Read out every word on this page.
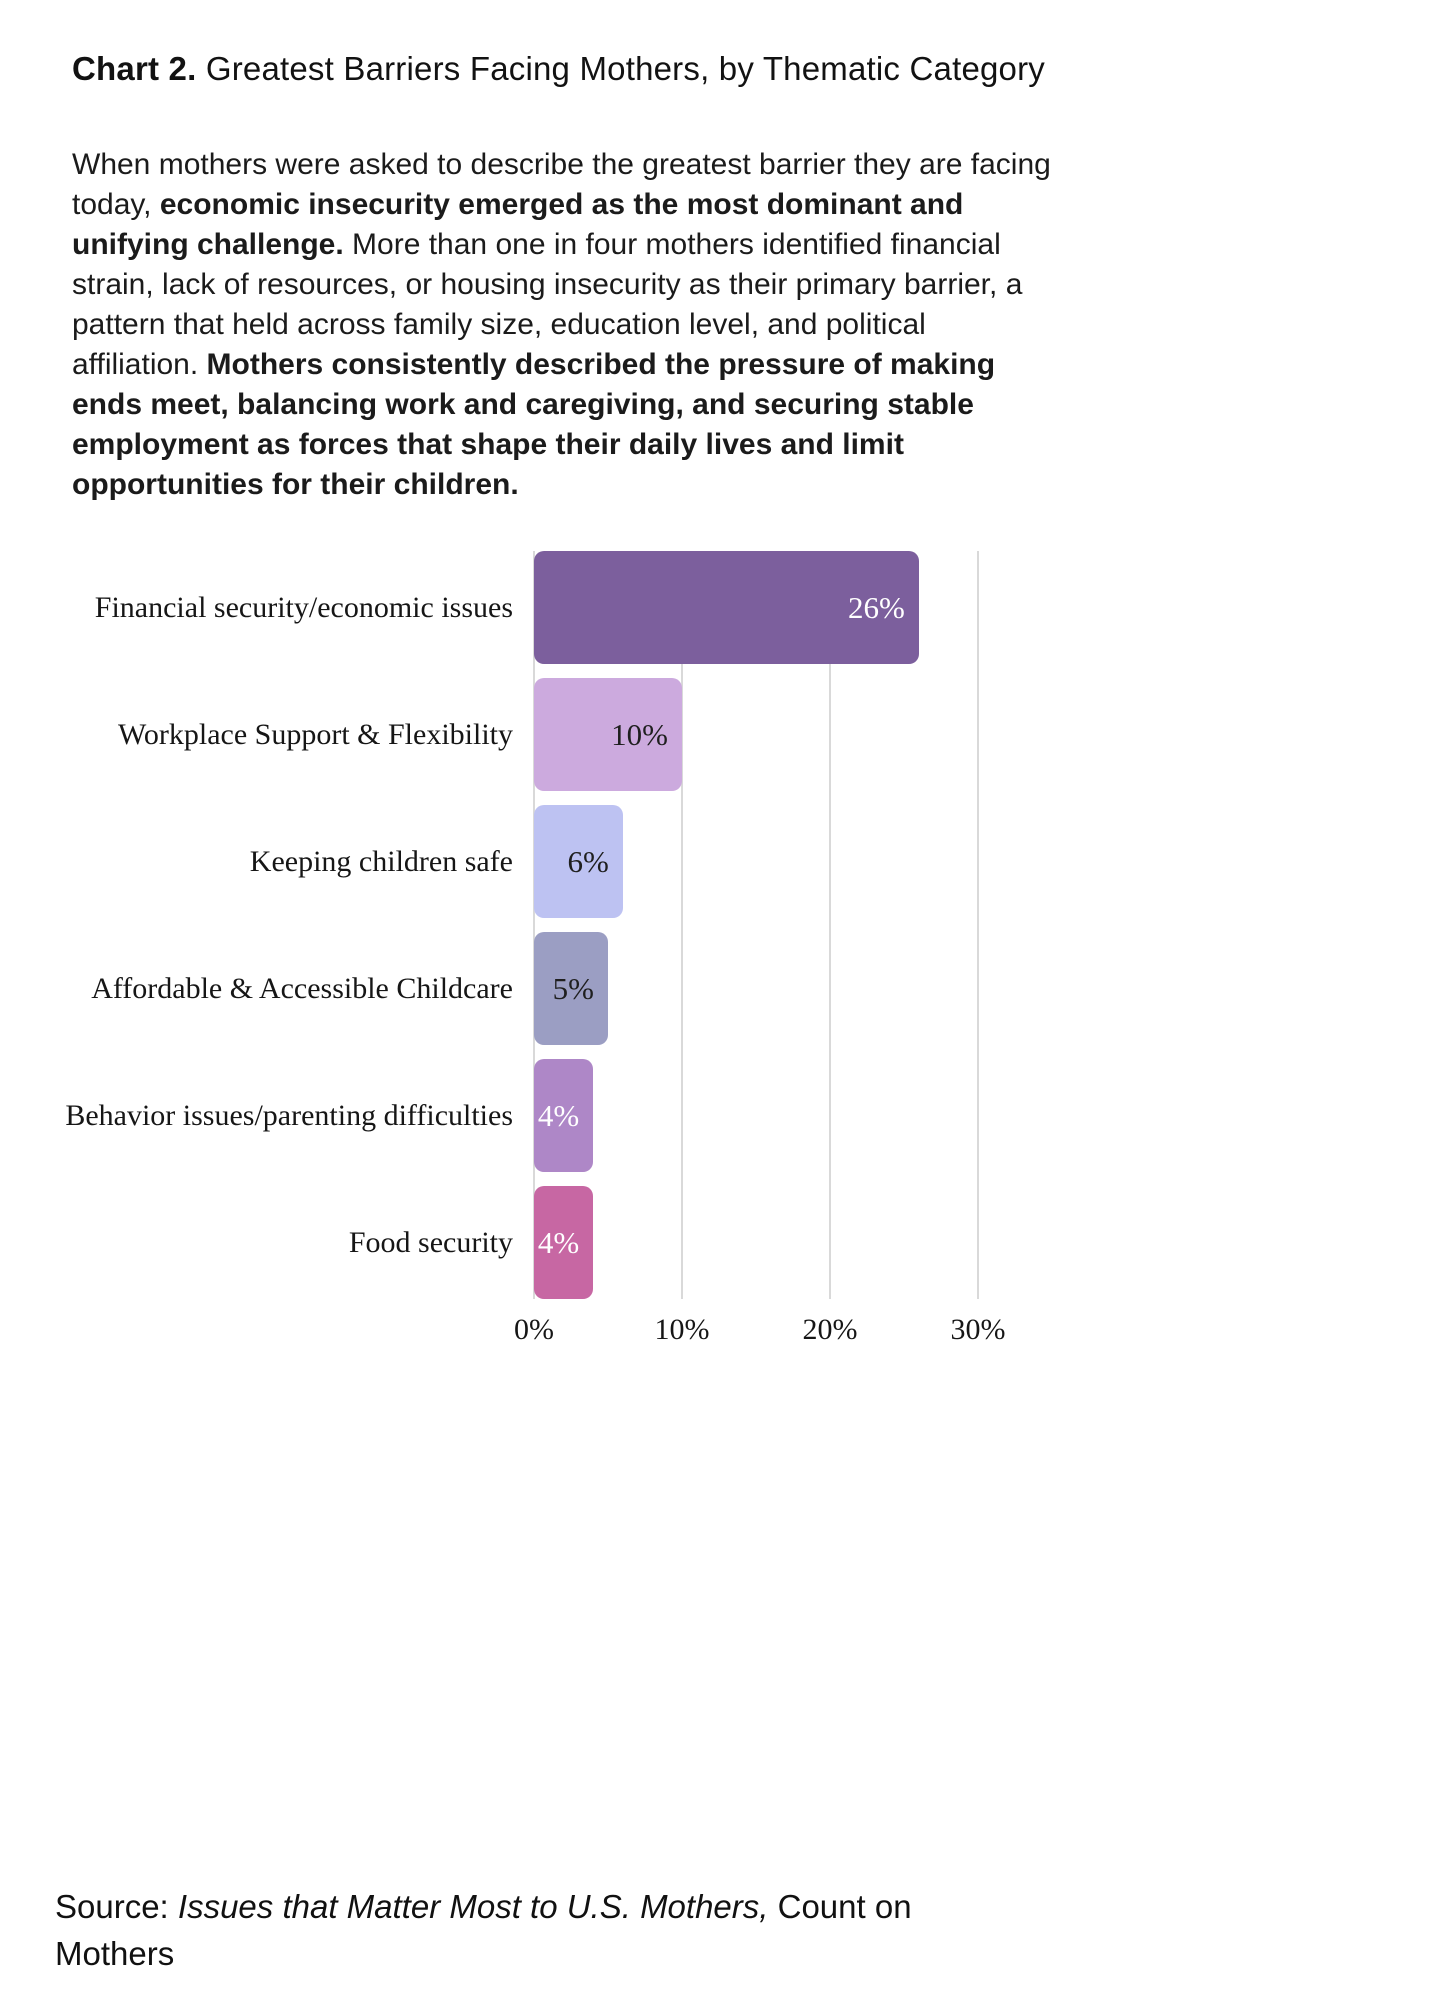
Chart 2. Greatest Barriers Facing Mothers, by Thematic Category

When mothers were asked to describe the greatest barrier they are facing today, economic insecurity emerged as the most dominant and unifying challenge. More than one in four mothers identified financial strain, lack of resources, or housing insecurity as their primary barrier, a pattern that held across family size, education level, and political affiliation. Mothers consistently described the pressure of making ends meet, balancing work and caregiving, and securing stable employment as forces that shape their daily lives and limit opportunities for their children.

Financial security/economic issues	26%
Workplace Support & Flexibility	10%
Keeping children safe	6%
Affordable & Accessible Childcare	5%
Behavior issues/parenting difficulties 4%
Food security 4%
0%	10%	20%	30%

Source: Issues that Matter Most to U.S. Mothers, Count on Mothers
